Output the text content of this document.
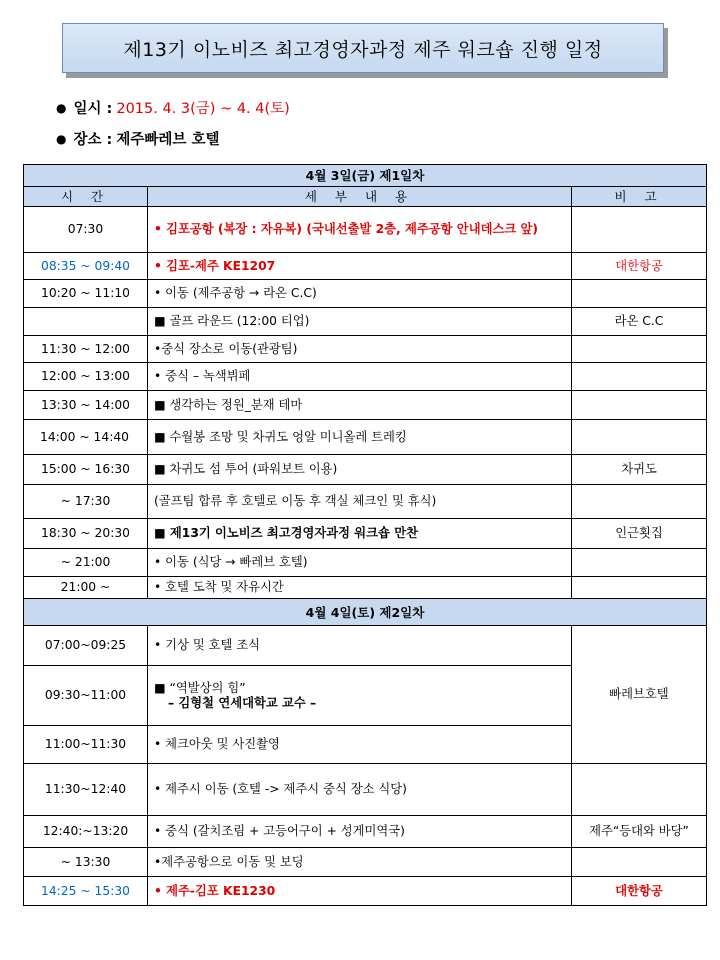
제13기 이노비즈 최고경영자과정 제주 워크숍 진행 일정
● 일시 : 2015. 4. 3(금) ~ 4. 4(토)
● 장소 : 제주빠레브 호텔
4월 3일(금) 제1일차		
시 간	세 부 내 용	비 고
07:30	• 김포공항 (복장 : 자유복) (국내선출발 2층, 제주공항 안내데스크 앞)	
08:35 ~ 09:40	• 김포-제주 KE1207	대한항공
10:20 ~ 11:10	• 이동 (제주공항 → 라온 C.C)	
	■ 골프 라운드 (12:00 티업)	라온 C.C
11:30 ~ 12:00	•중식 장소로 이동(관광팀)	
12:00 ~ 13:00	• 중식 – 녹색뷔페	
13:30 ~ 14:00	■ 생각하는 정원_분재 테마	
14:00 ~ 14:40	■ 수월봉 조망 및 차귀도 엉알 미니올레 트레킹	
15:00 ~ 16:30	■ 차귀도 섬 투어 (파워보트 이용)	차귀도
~ 17:30	(골프팀 합류 후 호텔로 이동 후 객실 체크인 및 휴식)	
18:30 ~ 20:30	■ 제13기 이노비즈 최고경영자과정 워크숍 만찬	인근횟집
~ 21:00	• 이동 (식당 → 빠레브 호텔)	
21:00 ~	• 호텔 도착 및 자유시간	
4월 4일(토) 제2일차		
07:00~09:25	• 기상 및 호텔 조식	빠레브호텔
09:30~11:00	■ “역발상의 힘”
– 김형철 연세대학교 교수 –	

11:00~11:30	• 체크아웃 및 사진촬영	
11:30~12:40	• 제주시 이동 (호텔 -> 제주시 중식 장소 식당)	
12:40:~13:20	• 중식 (갈치조림 + 고등어구이 + 성게미역국)	제주“등대와 바당”
~ 13:30	•제주공항으로 이동 및 보딩	
14:25 ~ 15:30	• 제주-김포 KE1230	대한항공
